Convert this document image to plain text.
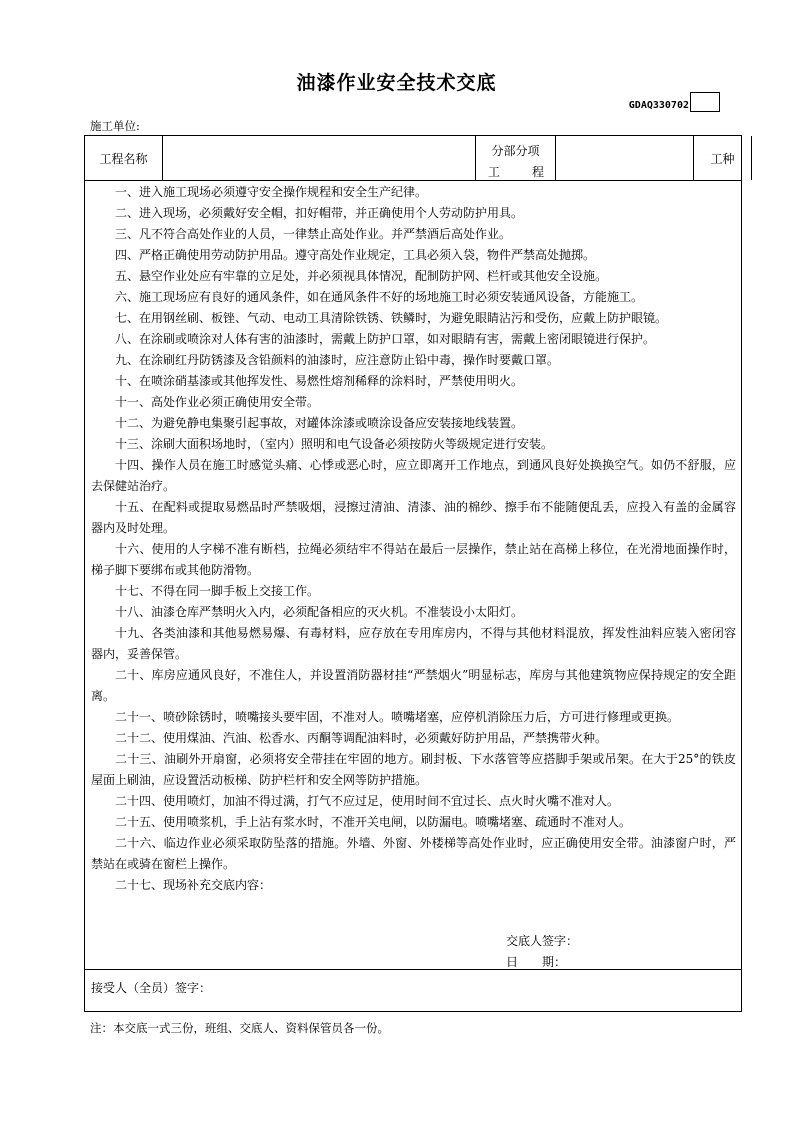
油漆作业安全技术交底
GDAQ330702
施工单位:
工程名称
分部分项
工	程
工种

一、进入施工现场必须遵守安全操作规程和安全生产纪律。

二、进入现场，必须戴好安全帽，扣好帽带，并正确使用个人劳动防护用具。

三、凡不符合高处作业的人员，一律禁止高处作业。并严禁酒后高处作业。

四、严格正确使用劳动防护用品。遵守高处作业规定，工具必须入袋，物件严禁高处抛掷。

五、悬空作业处应有牢靠的立足处，并必须视具体情况，配制防护网、栏杆或其他安全设施。

六、施工现场应有良好的通风条件，如在通风条件不好的场地施工时必须安装通风设备，方能施工。

七、在用钢丝刷、板锉、气动、电动工具清除铁锈、铁鳞时，为避免眼睛沾污和受伤，应戴上防护眼镜。

八、在涂刷或喷涂对人体有害的油漆时，需戴上防护口罩，如对眼睛有害，需戴上密闭眼镜进行保护。

九、在涂刷红丹防锈漆及含铅颜料的油漆时，应注意防止铅中毒，操作时要戴口罩。

十、在喷涂硝基漆或其他挥发性、易燃性熔剂稀释的涂料时，严禁使用明火。

十一、高处作业必须正确使用安全带。

十二、为避免静电集聚引起事故，对罐体涂漆或喷涂设备应安装接地线装置。

十三、涂刷大面积场地时，（室内）照明和电气设备必须按防火等级规定进行安装。

十四、操作人员在施工时感觉头痛、心悸或恶心时，应立即离开工作地点，到通风良好处换换空气。如仍不舒服，应去保健站治疗。

十五、在配料或提取易燃品时严禁吸烟，浸擦过清油、清漆、油的棉纱、擦手布不能随便乱丢，应投入有盖的金属容器内及时处理。

十六、使用的人字梯不准有断档，拉绳必须结牢不得站在最后一层操作，禁止站在高梯上移位，在光滑地面操作时，梯子脚下要绑布或其他防滑物。

十七、不得在同一脚手板上交接工作。

十八、油漆仓库严禁明火入内，必须配备相应的灭火机。不准装设小太阳灯。

十九、各类油漆和其他易燃易爆、有毒材料，应存放在专用库房内，不得与其他材料混放，挥发性油料应装入密闭容器内，妥善保管。

二十、库房应通风良好，不准住人，并设置消防器材挂“严禁烟火”明显标志，库房与其他建筑物应保持规定的安全距离。

二十一、喷砂除锈时，喷嘴接头要牢固，不准对人。喷嘴堵塞，应停机消除压力后，方可进行修理或更换。

二十二、使用煤油、汽油、松香水、丙酮等调配油料时，必须戴好防护用品，严禁携带火种。

二十三、油刷外开扇窗，必须将安全带挂在牢固的地方。刷封板、下水落管等应搭脚手架或吊架。在大于25°的铁皮屋面上刷油，应设置活动板梯、防护栏杆和安全网等防护措施。

二十四、使用喷灯，加油不得过满，打气不应过足，使用时间不宜过长、点火时火嘴不准对人。

二十五、使用喷浆机，手上沾有浆水时，不准开关电闸，以防漏电。喷嘴堵塞、疏通时不准对人。

二十六、临边作业必须采取防坠落的措施。外墙、外窗、外楼梯等高处作业时，应正确使用安全带。油漆窗户时，严禁站在或骑在窗栏上操作。

二十七、现场补充交底内容：

交底人签字：
日　　期：
接受人（全员）签字：
注：本交底一式三份，班组、交底人、资料保管员各一份。
